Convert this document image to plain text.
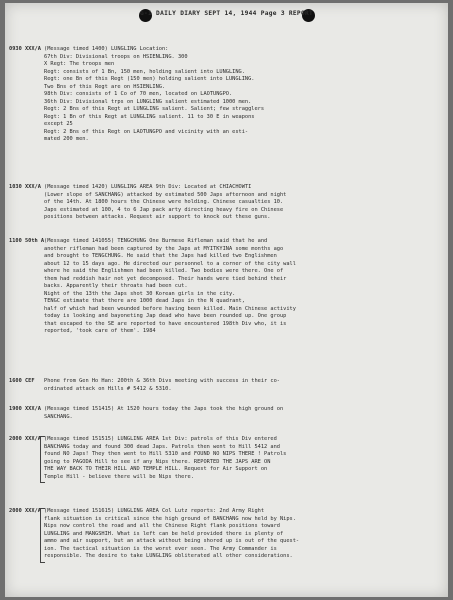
G-1 DAILY DIARY SEPT 14, 1944 Page 3 REPORT
0930 XXX/A (Message timed 1400) LUNGLING Location:
67th Div: Divisional troops on HSIENLING. 300
X Regt: The troops men
Regt: consists of 1 Bn, 150 men, holding salient into LUNGLING.
Regt: one Bn of this Regt (150 men) holding salient into LUNGLING.
Two Bns of this Regt are on HSIENLING.
98th Div: consists of 1 Co of 70 men, located on LAOTUNGPO.
36th Div: Divisional trps on LUNGLING salient estimated 1000 men.
Regt: 2 Bns of this Regt at LUNGLING salient. Salient; few stragglers
Regt: 1 Bn of this Regt at LUNGLING salient. 11 to 30 E in weapons
except 25
Regt: 2 Bns of this Regt on LAOTUNGPO and vicinity with an esti-
mated 200 men.
1030 XXX/A (Message timed 1420) LUNGLING AREA 9th Div: Located at CHIACHOWTI
(Lower slope of SANCHANG) attacked by estimated 500 Japs afternoon and night
of the 14th. At 1800 hours the Chinese were holding. Chinese casualties 10.
Japs estimated at 100, 4 to 6 Jap pack arty directing heavy fire on Chinese
positions between attacks. Request air support to knock out these guns.
1100 50th A (Message timed 141055) TENGCHUNG One Burmese Rifleman said that he and
another rifleman had been captured by the Japs at MYITKYINA some months ago
and brought to TENGCHUNG. He said that the Japs had killed two Englishmen
about 12 to 15 days ago. He directed our personnel to a corner of the city wall
where he said the Englishmen had been killed. Two bodies were there. One of
them had reddish hair not yet decomposed. Their hands were tied behind their
backs. Apparently their throats had been cut.
Night of the 13th the Japs shot 30 Korean girls in the city.
TENGC estimate that there are 1000 dead Japs in the N quadrant,
half of which had been wounded before having been killed. Main Chinese activity
today is looking and bayoneting Jap dead who have been rounded up. One group
that escaped to the SE are reported to have encountered 198th Div who, it is
reported, 'took care of them'. 1984
1600 CEF	Phone from Gen Ho Han: 200th & 36th Divs meeting with success in their co-
ordinated attack on Hills # 5412 & 5310.
1900 XXX/A (Message timed 151415) At 1520 hours today the Japs took the high ground on
SANCHANG.
2000 XXX/A (Message timed 151515) LUNGLING AREA 1st Div: patrols of this Div entered
BANCHANG today and found 300 dead Japs. Patrols then went to Hill 5412 and
found NO Japs! They then went to Hill 5310 and FOUND NO NIPS THERE ! Patrols
going to PAGODA Hill to see if any Nips there. REPORTED THE JAPS ARE ON
THE WAY BACK TO THEIR HILL AND TEMPLE HILL. Request for Air Support on
Temple Hill - believe there will be Nips there.
2000 XXX/A (Message timed 151615) LUNGLING AREA Col Lutz reports: 2nd Army Right
flank situation is critical since the high ground of BANCHANG now held by Nips.
Nips now control the road and all the Chinese Right flank positions toward
LUNGLING and MANGSHIH. What is left can be held provided there is plenty of
ammo and air support, but an attack without being shored up is out of the quest-
ion. The tactical situation is the worst ever seen. The Army Commander is
responsible. The desire to take LUNGLING obliterated all other considerations.
